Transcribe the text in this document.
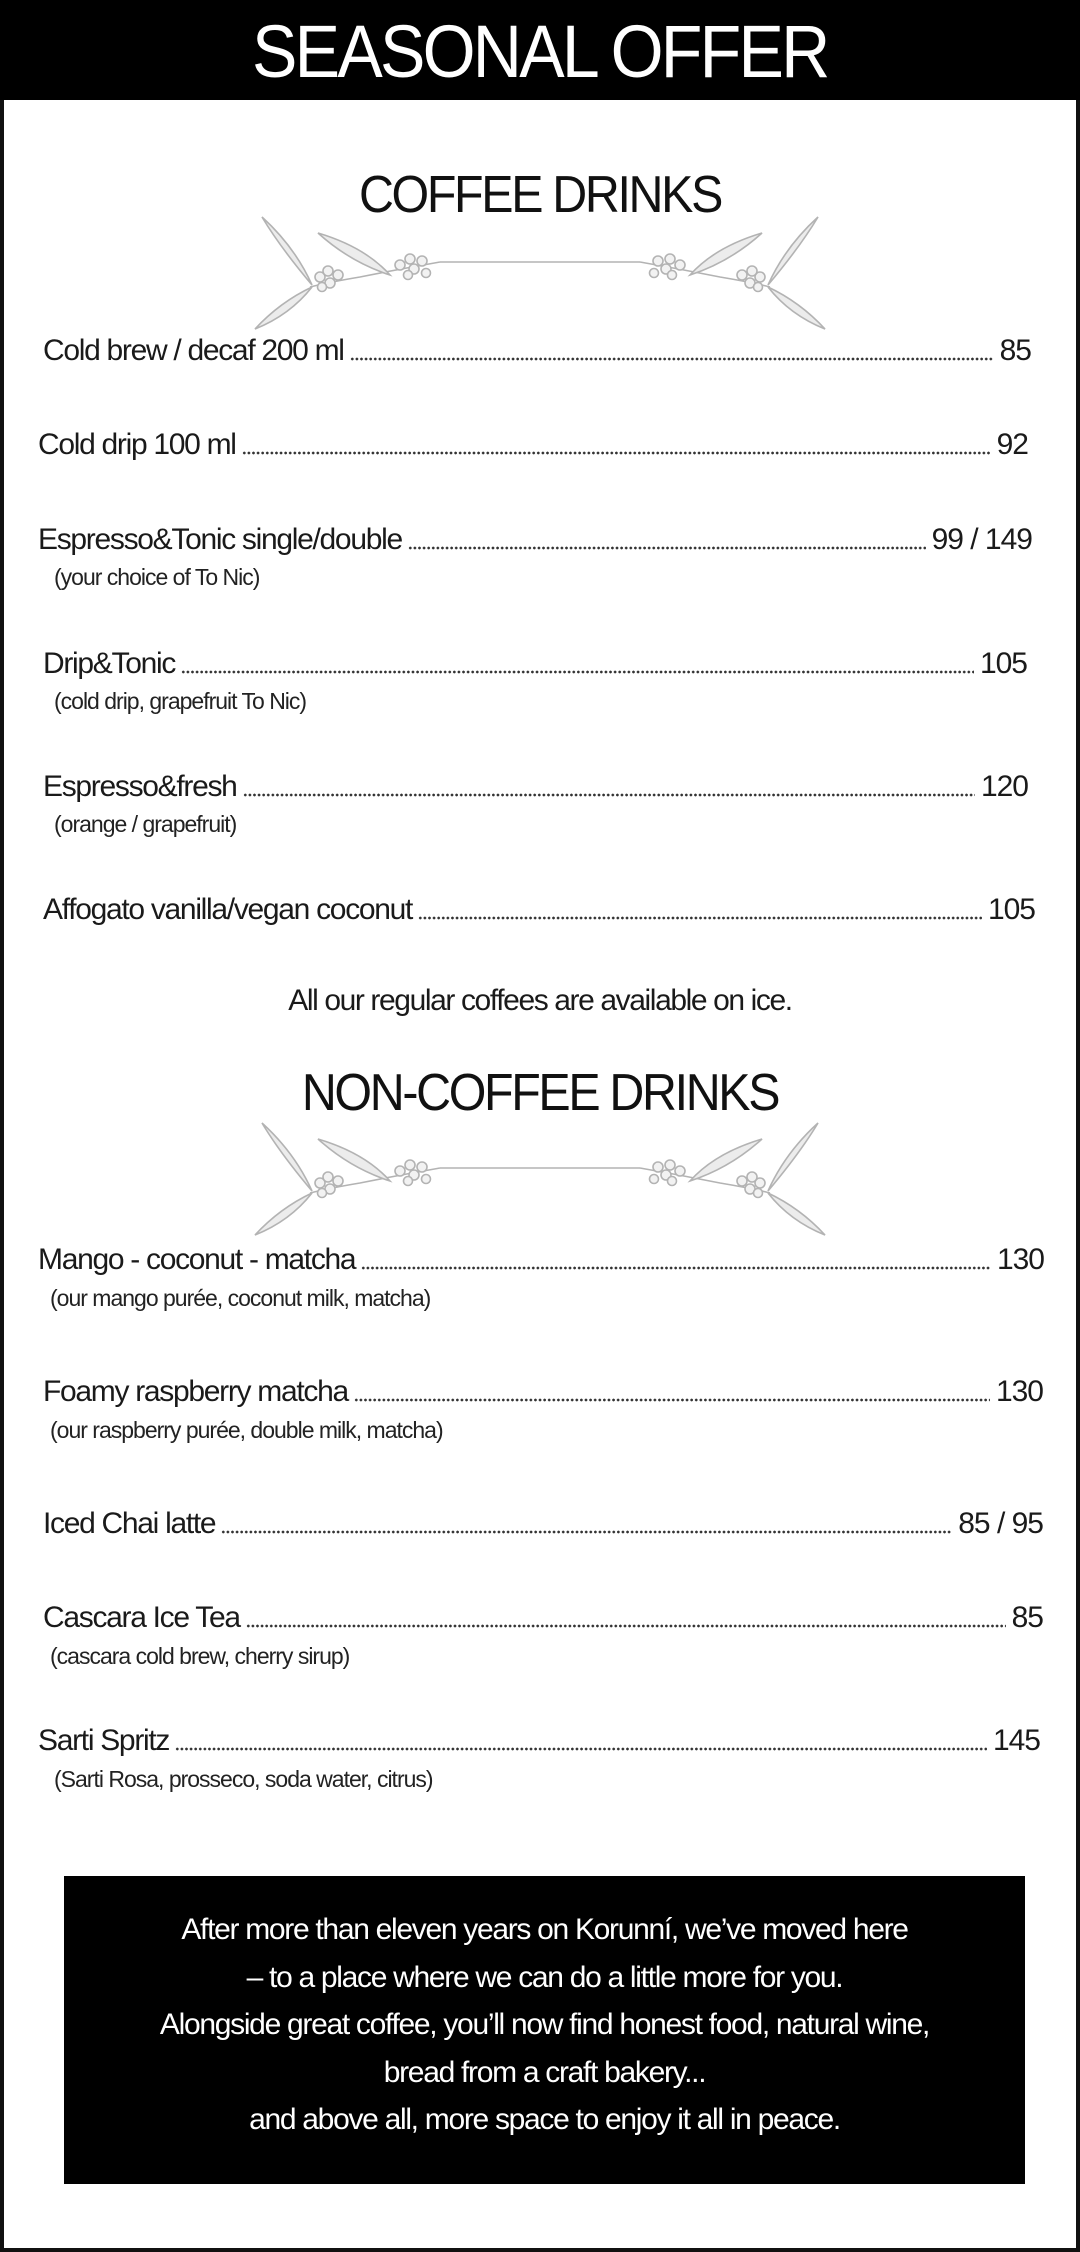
SEASONAL OFFER
COFFEE DRINKS
Cold brew / decaf 200 ml	85
Cold drip 100 ml	92
Espresso&Tonic single/double	99 / 149
(your choice of To Nic)
Drip&Tonic	105
(cold drip, grapefruit To Nic)
Espresso&fresh	120
(orange / grapefruit)
Affogato vanilla/vegan coconut	105
All our regular coffees are available on ice.
NON-COFFEE DRINKS
Mango - coconut - matcha	130
(our mango purée, coconut milk, matcha)
Foamy raspberry matcha	130
(our raspberry purée, double milk, matcha)
Iced Chai latte	85 / 95
Cascara Ice Tea	85
(cascara cold brew, cherry sirup)
Sarti Spritz	145
(Sarti Rosa, prosseco, soda water, citrus)
After more than eleven years on Korunní, we’ve moved here
– to a place where we can do a little more for you.
Alongside great coffee, you’ll now find honest food, natural wine,
bread from a craft bakery...
and above all, more space to enjoy it all in peace.
